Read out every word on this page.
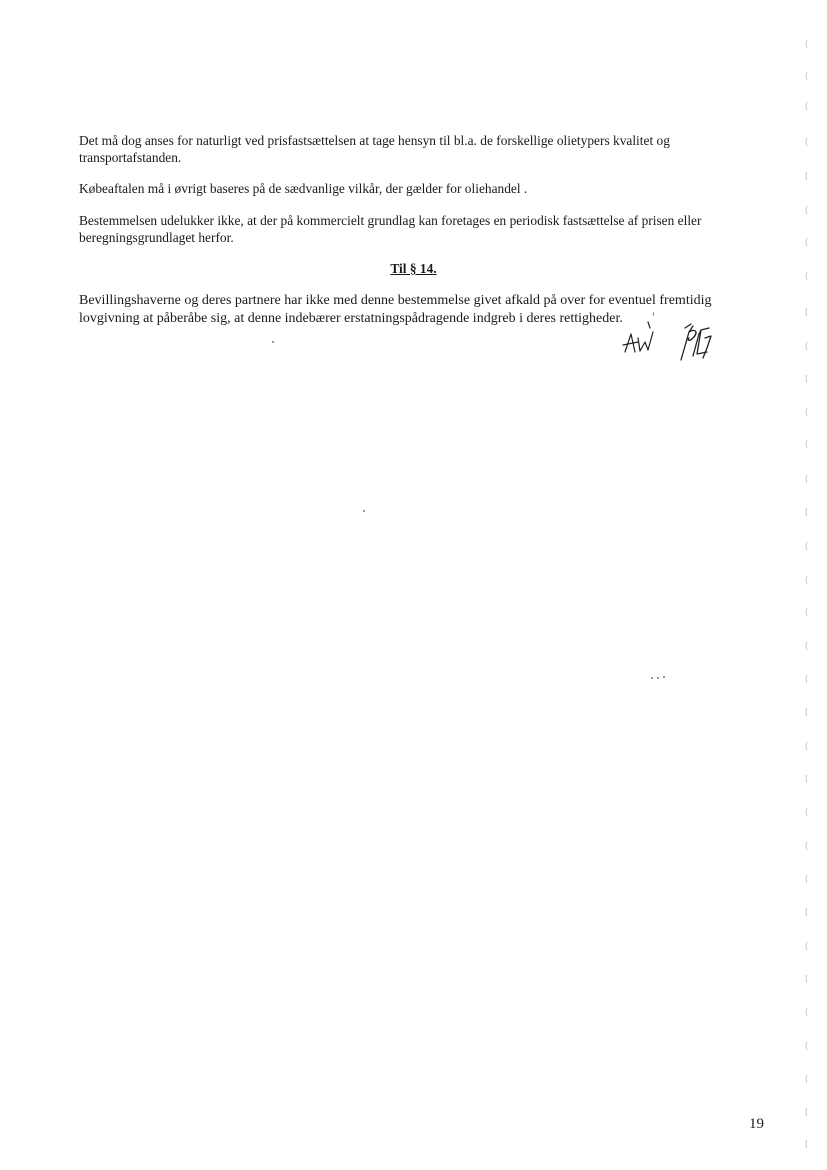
Det må dog anses for naturligt ved prisfastsættelsen at tage hensyn til bl.a. de forskellige olietypers kvalitet og transportafstanden.

Købeaftalen må i øvrigt baseres på de sædvanlige vilkår, der gælder for oliehandel .

Bestemmelsen udelukker ikke, at der på kommercielt grundlag kan foretages en periodisk fastsættelse af prisen eller beregningsgrundlaget herfor.

Til § 14.

Bevillingshaverne og deres partnere har ikke med denne bestemmelse givet afkald på over for eventuel fremtidig lovgivning at påberåbe sig, at denne indebærer erstatningspådragende indgreb i deres rettigheder.

19
